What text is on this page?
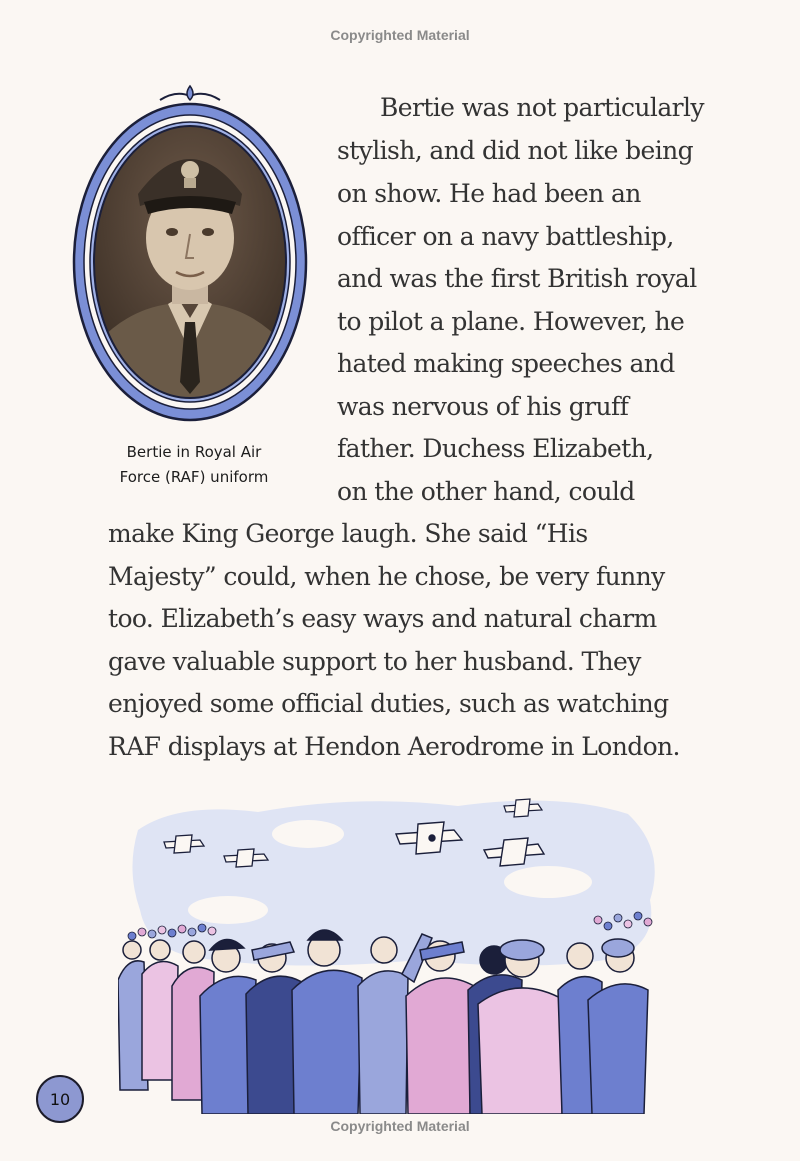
Copyrighted Material
Bertie in Royal Air
Force (RAF) uniform
Bertie was not particularly
stylish, and did not like being
on show. He had been an
officer on a navy battleship,
and was the first British royal
to pilot a plane. However, he
hated making speeches and
was nervous of his gruff
father. Duchess Elizabeth,
on the other hand, could
make King George laugh. She said “His
Majesty” could, when he chose, be very funny
too. Elizabeth’s easy ways and natural charm
gave valuable support to her husband. They
enjoyed some official duties, such as watching
RAF displays at Hendon Aerodrome in London.
10
Copyrighted Material
